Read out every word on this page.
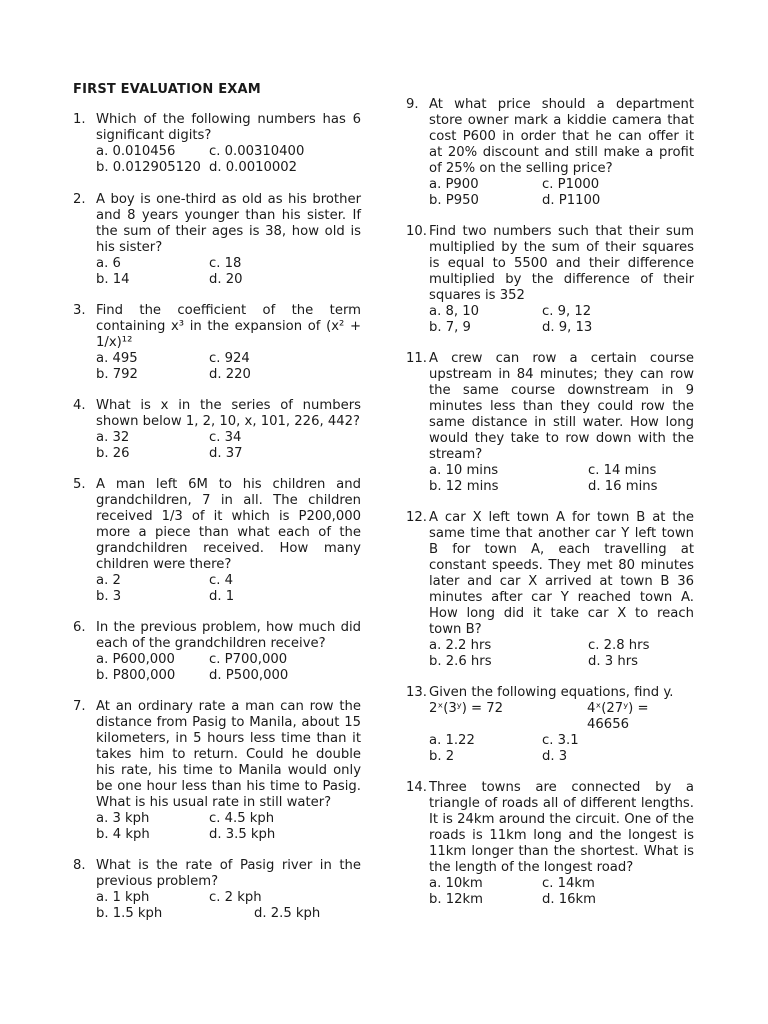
FIRST EVALUATION EXAM
1. Which of the following numbers has 6 significant digits?
a. 0.010456	c. 0.00310400
b. 0.012905120 d. 0.0010002
2. A boy is one-third as old as his brother and 8 years younger than his sister. If the sum of their ages is 38, how old is his sister?
a. 6	c. 18
b. 14	d. 20
3. Find the coefficient of the term containing x³ in the expansion of (x² + 1/x)¹²
a. 495	c. 924
b. 792	d. 220
4. What is x in the series of numbers shown below 1, 2, 10, x, 101, 226, 442?
a. 32	c. 34
b. 26	d. 37
5. A man left 6M to his children and grandchildren, 7 in all. The children received 1/3 of it which is P200,000 more a piece than what each of the grandchildren received. How many children were there?
a. 2	c. 4
b. 3	d. 1
6. In the previous problem, how much did each of the grandchildren receive?
a. P600,000	c. P700,000
b. P800,000	d. P500,000
7. At an ordinary rate a man can row the distance from Pasig to Manila, about 15 kilometers, in 5 hours less time than it takes him to return. Could he double his rate, his time to Manila would only be one hour less than his time to Pasig. What is his usual rate in still water?
a. 3 kph	c. 4.5 kph
b. 4 kph	d. 3.5 kph
8. What is the rate of Pasig river in the previous problem?
a. 1 kph	c. 2 kph
b. 1.5 kph	d. 2.5 kph
9. At what price should a department store owner mark a kiddie camera that cost P600 in order that he can offer it at 20% discount and still make a profit of 25% on the selling price?
a. P900	c. P1000
b. P950	d. P1100
10. Find two numbers such that their sum multiplied by the sum of their squares is equal to 5500 and their difference multiplied by the difference of their squares is 352
a. 8, 10	c. 9, 12
b. 7, 9	d. 9, 13
11. A crew can row a certain course upstream in 84 minutes; they can row the same course downstream in 9 minutes less than they could row the same distance in still water. How long would they take to row down with the stream?
a. 10 mins	c. 14 mins
b. 12 mins	d. 16 mins
12. A car X left town A for town B at the same time that another car Y left town B for town A, each travelling at constant speeds. They met 80 minutes later and car X arrived at town B 36 minutes after car Y reached town A. How long did it take car X to reach town B?
a. 2.2 hrs	c. 2.8 hrs
b. 2.6 hrs	d. 3 hrs
13. Given the following equations, find y.
2ˣ(3ʸ) = 72	4ˣ(27ʸ) = 46656
a. 1.22	c. 3.1
b. 2	d. 3
14. Three towns are connected by a triangle of roads all of different lengths. It is 24km around the circuit. One of the roads is 11km long and the longest is 11km longer than the shortest. What is the length of the longest road?
a. 10km	c. 14km
b. 12km	d. 16km
